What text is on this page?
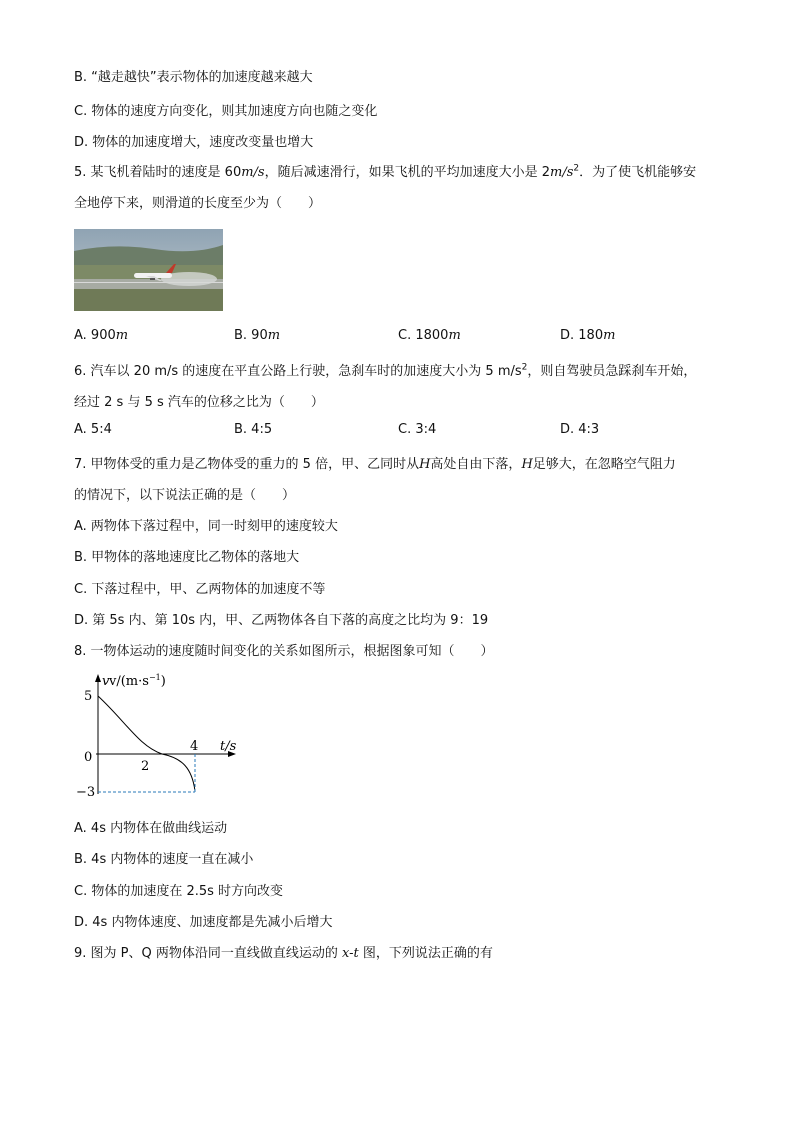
B. “越走越快”表示物体的加速度越来越大
C. 物体的速度方向变化，则其加速度方向也随之变化
D. 物体的加速度增大，速度改变量也增大
5. 某飞机着陆时的速度是 60m/s，随后减速滑行，如果飞机的平均加速度大小是 $2m/s^2$．为了使飞机能够安
全地停下来，则滑道的长度至少为（　　）
A. 900m	B. 90m	C. 1800m	D. 180m
6. 汽车以 20 m/s 的速度在平直公路上行驶，急刹车时的加速度大小为 5 $m/s^2$，则自驾驶员急踩刹车开始，
经过 2 s 与 5 s 汽车的位移之比为（　　）
A. 5:4	B. 4:5	C. 3:4	D. 4:3
7. 甲物体受的重力是乙物体受的重力的 5 倍，甲、乙同时从H高处自由下落，H足够大，在忽略空气阻力
的情况下，以下说法正确的是（　　）
A. 两物体下落过程中，同一时刻甲的速度较大
B. 甲物体的落地速度比乙物体的落地大
C. 下落过程中，甲、乙两物体的加速度不等
D. 第 5s 内、第 10s 内，甲、乙两物体各自下落的高度之比均为 9：19
8. 一物体运动的速度随时间变化的关系如图所示，根据图象可知（　　）
v $v/(m\cdot s^{-1})$
5
0
−3
2
4 t/s
A. 4s 内物体在做曲线运动
B. 4s 内物体的速度一直在减小
C. 物体的加速度在 2.5s 时方向改变
D. 4s 内物体速度、加速度都是先减小后增大
9. 图为 P、Q 两物体沿同一直线做直线运动的 x-t 图，下列说法正确的有
